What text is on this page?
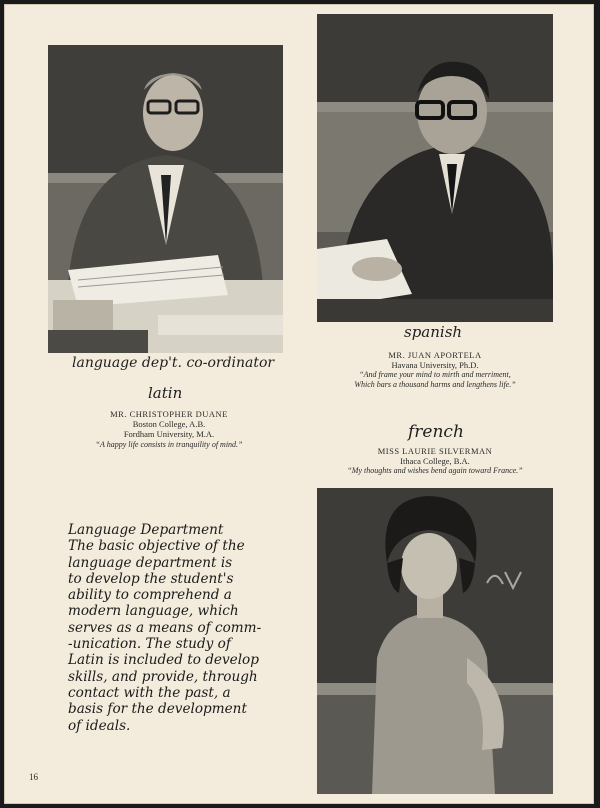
language dep't. co-ordinator
latin
MR. CHRISTOPHER DUANE
Boston College, A.B.
Fordham University, M.A.
“A happy life consists in tranquility of mind.”
spanish
MR. JUAN APORTELA
Havana University, Ph.D.
“And frame your mind to mirth and merriment,
Which bars a thousand harms and lengthens life.”
french
MISS LAURIE SILVERMAN
Ithaca College, B.A.
“My thoughts and wishes bend again toward France.”
Language Department
The basic objective of the
language department is
to develop the student's
ability to comprehend a
modern language, which
serves as a means of comm-
-unication. The study of
Latin is included to develop
skills, and provide, through
contact with the past, a
basis for the development
of ideals.
16
